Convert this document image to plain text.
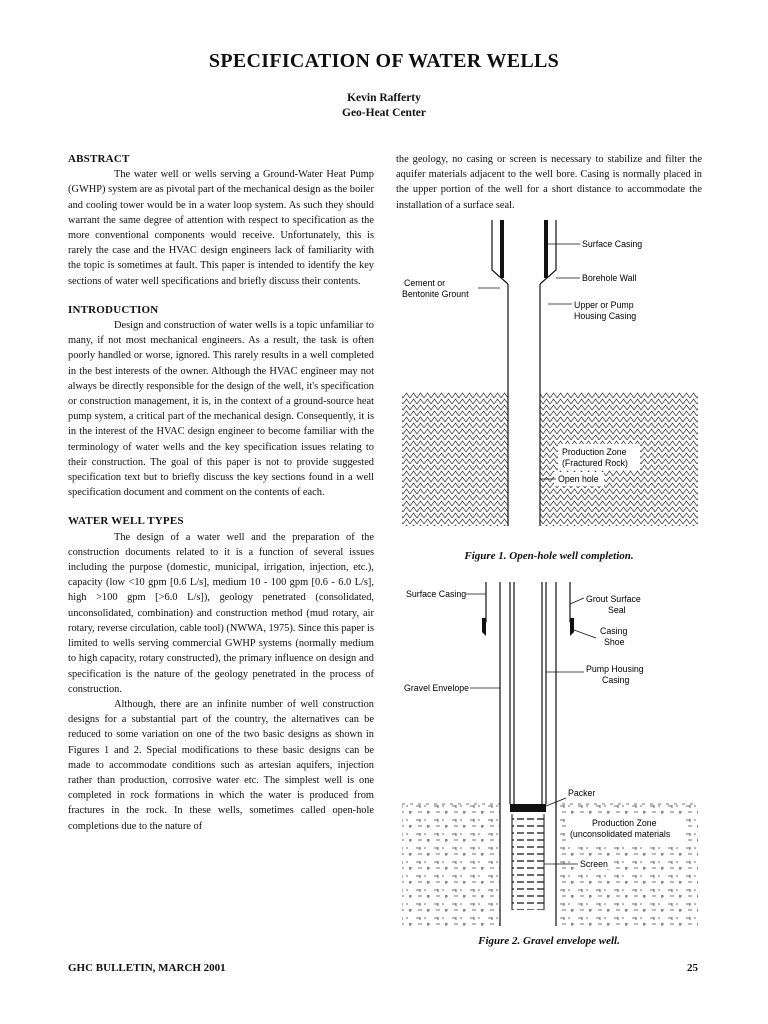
SPECIFICATION OF WATER WELLS
Kevin Rafferty
Geo-Heat Center
ABSTRACT

The water well or wells serving a Ground-Water Heat Pump (GWHP) system are as pivotal part of the mechanical design as the boiler and cooling tower would be in a water loop system. As such they should warrant the same degree of attention with respect to specification as the more conventional components would receive. Unfortunately, this is rarely the case and the HVAC design engineers lack of familiarity with the topic is sometimes at fault. This paper is intended to identify the key sections of water well specifications and briefly discuss their contents.

INTRODUCTION

Design and construction of water wells is a topic unfamiliar to many, if not most mechanical engineers. As a result, the task is often poorly handled or worse, ignored. This rarely results in a well completed in the best interests of the owner. Although the HVAC engineer may not always be directly responsible for the design of the well, it's specification or construction management, it is, in the context of a ground-source heat pump system, a critical part of the mechanical design. Consequently, it is in the interest of the HVAC design engineer to become familiar with the terminology of water wells and the key specification issues relating to their construction. The goal of this paper is not to provide suggested specification text but to briefly discuss the key sections found in a well specification document and comment on the contents of each.

WATER WELL TYPES

The design of a water well and the preparation of the construction documents related to it is a function of several issues including the purpose (domestic, municipal, irrigation, injection, etc.), capacity (low <10 gpm [0.6 L/s], medium 10 - 100 gpm [0.6 - 6.0 L/s], high >100 gpm [>6.0 L/s]), geology penetrated (consolidated, unconsolidated, combination) and construction method (mud rotary, air rotary, reverse circulation, cable tool) (NWWA, 1975). Since this paper is limited to wells serving commercial GWHP systems (normally medium to high capacity, rotary constructed), the primary influence on design and specification is the nature of the geology penetrated in the process of construction.

Although, there are an infinite number of well construction designs for a substantial part of the country, the alternatives can be reduced to some variation on one of the two basic designs as shown in Figures 1 and 2. Special modifications to these basic designs can be made to accommodate conditions such as artesian aquifers, injection rather than production, corrosive water etc. The simplest well is one completed in rock formations in which the water is produced from fractures in the rock. In these wells, sometimes called open-hole completions due to the nature of

the geology, no casing or screen is necessary to stabilize and filter the aquifer materials adjacent to the well bore. Casing is normally placed in the upper portion of the well for a short distance to accommodate the installation of a surface seal.

Surface Casing
Borehole Wall
Cement or
Bentonite Grount
Upper or Pump
Housing Casing
Production Zone
(Fractured Rock)
Open hole
Figure 1. Open-hole well completion.
Surface Casing	Grout Surface
Seal
Casing
Shoe
Pump Housing
Casing
Gravel Envelope
Packer
Production Zone
(unconsolidated materials
Screen
Figure 2. Gravel envelope well.
GHC BULLETIN, MARCH 2001	25
